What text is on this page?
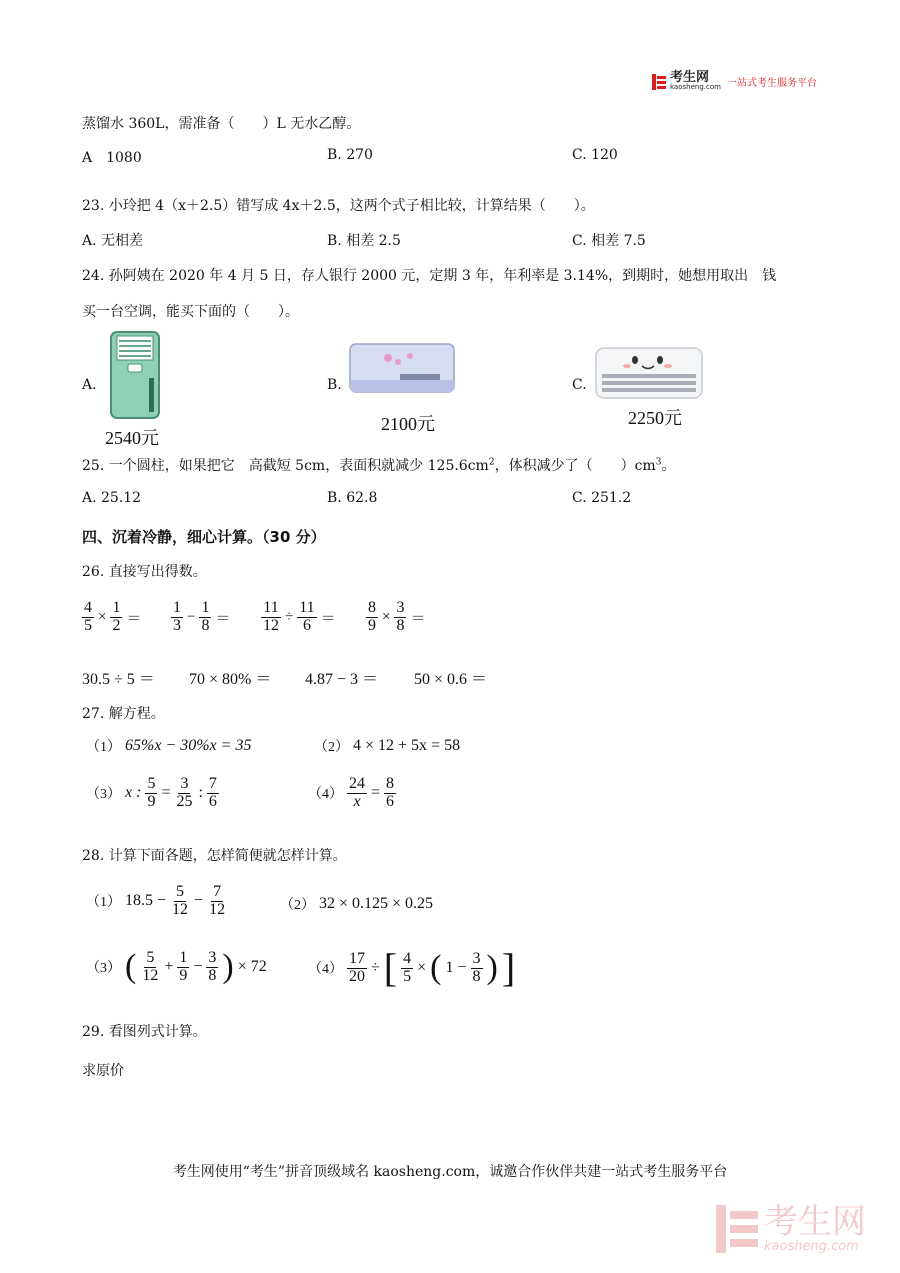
考生网
kaosheng.com 一站式考生服务平台
蒸馏水 360L，需准备（　　）L 无水乙醇。
A　1080	B. 270	C. 120
23. 小玲把 4（x＋2.5）错写成 4x＋2.5，这两个式子相比较，计算结果（　　）。
A. 无相差	B. 相差 2.5	C. 相差 7.5
24. 孙阿姨在 2020 年 4 月 5 日，存人银行 2000 元，定期 3 年，年利率是 3.14%，到期时，她想用取出　钱
买一台空调，能买下面的（　　）。
A.
2540元
B.
2100元
C.
2250元
25. 一个圆柱，如果把它　高截短 5cm，表面积就减少 $125.6cm^2$，体积减少了（　　）$cm^3$。
A. 25.12	B. 62.8	C. 251.2
四、沉着冷静，细心计算。（30 分）
26. 直接写出得数。
$\frac{4}{5} \times \frac{1}{2} = \frac{1}{3} - \frac{1}{8} = \frac{11}{12} \div \frac{11}{6} = \frac{8}{9} \times \frac{3}{8}$ ＝
30.5 ÷ 5 ＝ 70 × 80% ＝ 4.87 − 3 ＝ 50 × 0.6 ＝
27. 解方程。
（1） 65%x − 30%x = 35	（2） 4 × 12 + 5x = 58
（3） x : $\frac{5}{9} = \frac{3}{25}$ : $\frac{7}{6}$	$(4) \frac{24}{x} = \frac{8}{6}$
28. 计算下面各题，怎样简便就怎样计算。
（1） $18.5 - \frac{5}{12} - \frac{7}{12}$	（2） 32 × 0.125 × 0.25
（3） ( $\frac{5}{12} + \frac{1}{9} - \frac{3}{8}$ ) × 72	$(4) \frac{17}{20}$ ÷ [ $\frac{4}{5}$ × ( $1 - \frac{3}{8}$ ) ]
29. 看图列式计算。
求原价
考生网使用“考生”拼音顶级域名 kaosheng.com，诚邀合作伙伴共建一站式考生服务平台
考生网
kaosheng.com
